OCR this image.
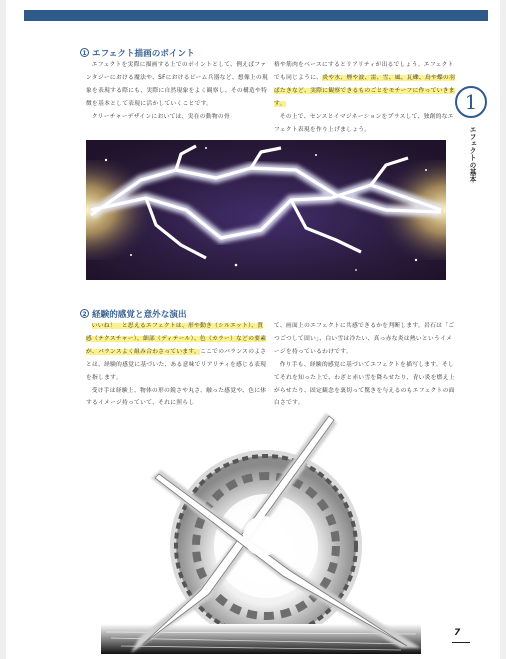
1 エフェクト描画のポイント

エフェクトを実際に描画する上でのポイントとして、例えばファンタジーにおける魔法や、SFにおけるビーム兵器など、想像上の現象を表現する際にも、実際に自然現象をよく観察し、その構造や特徴を基本として表現に活かしていくことです。

クリーチャーデザインにおいては、実在の動物の骨

格や筋肉をベースにするとリアリティが出るでしょう。エフェクトでも同じように、炎や水、煙や波、雷、雪、風、瓦礫、鳥や蝶の羽ばたきなど、実際に観察できるものごとをモチーフに作っていきます。

その上で、センスとイマジネーションをプラスして、独創的なエフェクト表現を作り上げましょう。

1
エフェクトの基本
2 経験的感覚と意外な演出

いいね！　と思えるエフェクトは、形や動き（シルエット）、質感（テクスチャー）、細部（ディテール）、色（カラー）などの要素が、バランスよく組み合わさっています。ここでのバランスのよさとは、経験的感覚に基づいた、ある意味でリアリティを感じる表現を指します。

受け手は経験上、物体の形の鋭さや丸さ、触った感覚や、色に体するイメージ持っていて、それに照らし

て、画面上のエフェクトに共感できるかを判断します。岩石は「ごつごつして固い」、白い雪は冷たい、真っ赤な炎は熱いというイメージを持っているわけです。

作り手も、経験的感覚に基づいてエフェクトを描写します。そしてそれを知った上で、わざと赤い雪を降らせたり、青い炎を燃え上がらせたり、固定観念を裏切って驚きを与えるのもエフェクトの面白さです。

7
